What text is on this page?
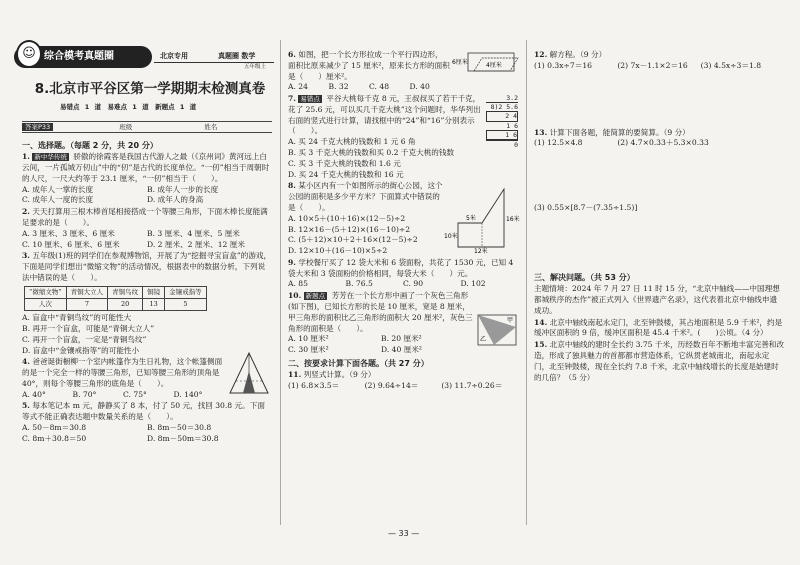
☺ 综合模考真题圈	北京专用	真题圈 数学
五年级上
8.北京市平谷区第一学期期末检测真卷
易错点 1 道　易难点 1 道　新题点 1 道
答案P33	班级	姓名
一、选择题。（每题 2 分，共 20 分）
1. 新中华传统 骄傲的徐霞客是我国古代游人之最（《京州词》黄河远上白云间，一片孤城万仞山”中的“仞”是古代的长度单位。“一仞”相当于周朝时的人尺，一尺大约等于 23.1 厘米，“一仞”相当于（　　）。
A. 成年人一掌的长度	B. 成年人一步的长度
C. 成年人一度的长度	D. 成年人的身高
2. 天天打算用三根木棒首尾相接搭成一个等腰三角形，下面木棒长度能满足要求的是（　　）。
A. 3 厘米、3 厘米、6 厘米	B. 3 厘米、4 厘米、5 厘米
C. 10 厘米、6 厘米、6 厘米	D. 2 厘米、2 厘米、12 厘米
3. 五年级(1)班的同学们在参观博物馆，开展了为“挖掘寻宝盲盒”的游戏，下面是同学们想出“微缩文物”的活动情况，根据表中的数据分析，下列说法中错误的是（　　）。
“微缩文物”	青铜大立人	青铜鸟纹	铜镜	金镶戒指等
人次	7	20	13	5
A. 盲盒中“青铜鸟纹”的可能性大
B. 再开一个盲盒，可能是“青铜大立人”
C. 再开一个盲盒，一定是“青铜鸟纹”
D. 盲盒中“金镶戒指等”的可能性小
4. 爸爸诞街橱柳一个室内帐篷作为生日礼物，这个帐篷侧面的是一个完全一样的等腰三角形，已知等腰三角形的顶角是 40°，则每个等腰三角形的底角是（　　）。
A. 40°	B. 70°	C. 75°	D. 140°
5. 每本笔记本 m 元，静静买了 8 本，付了 50 元，找回 30.8 元。下面等式不能正确表达题中数量关系的是（　　）。
A. 50－8m＝30.8	B. 8m－50＝30.8
C. 8m＋30.8＝50	D. 8m－50m＝30.8
6. 如图，把一个长方形拉成一个平行四边形，面积比原来减少了 15 厘米²，原来长方形的面积是（　　）厘米²。
6厘米	4厘米
A. 24	B. 32	C. 48	D. 40
7. 易错点 平谷大桃每千克 8 元，王叔叔买了若干千克，花了 25.6 元，可以买几千克大桃”这个问题时，华华列出右面的竖式进行计算，请找框中的“24”和“16”分别表示（　　）。
3.2
8)2 5.6
2 4
1 6
1 6
0
A. 买 24 千克大桃的钱数和 1 元 6 角
B. 买 3 千克大桃的钱数和买 0.2 千克大桃的钱数
C. 买 3 千克大桃的钱数和 1.6 元
D. 买 24 千克大桃的钱数和 16 元
8. 某小区内有一个如图所示的街心公园，这个公园的面积是多少平方米？下面算式中错误的是（　　）。
5米
10米
16米
12米
A. 10×5＋(10＋16)×(12－5)÷2
B. 12×16－(5＋12)×(16－10)÷2
C. (5＋12)×10＋2＋16×(12－5)÷2
D. 12×10＋(16－10)×5÷2
9. 学校餐厅买了 12 袋大米和 6 袋面粉，共花了 1530 元，已知 4 袋大米和 3 袋面粉的价格相同，每袋大米（　　）元。
A. 85	B. 76.5	C. 90	D. 102
10. 新题点 芳芳在一个长方形中画了一个灰色三角形(如下图)，已知长方形的长是 10 厘米，宽是 8 厘米，甲三角形的面积比乙三角形的面积大 20 厘米²，灰色三角形的面积是（　　）。
甲
乙
A. 10 厘米²	B. 20 厘米²
C. 30 厘米²	D. 40 厘米²
二、按要求计算下面各题。（共 27 分）
11. 列竖式计算。（9 分）
(1) 6.8×3.5＝	(2) 9.64÷14＝	(3) 11.7÷0.26＝
12. 解方程。（9 分）
(1) 0.3x÷7＝16	(2) 7x－1.1×2＝16	(3) 4.5x÷3＝1.8
13. 计算下面各题，能简算的要简算。（9 分）
(1) 12.5×4.8	(2) 4.7×0.33＋5.3×0.33
(3) 0.55×[8.7－(7.35÷1.5)]
三、解决问题。（共 53 分）
主题情境：2024 年 7 月 27 日 11 时 15 分，“北京中轴线——中国理想都城秩序的杰作”被正式列入《世界遗产名录》，这代表着北京中轴线申遗成功。
14. 北京中轴线南起永定门，北至钟鼓楼，其占地面积是 5.9 千米²，约是缓冲区面积的 9 倍，缓冲区面积是 45.4 千米²。(　　)公顷。（4 分）
15. 北京中轴线的建时全长约 3.75 千米，历经数百年不断地丰富完善和改造，形成了独具魅力的首都都市营造体系，它纵贯老城南北，南起永定门，北至钟鼓楼，现在全长约 7.8 千米，北京中轴线增长的长度是始建时的几倍？（5 分）
— 33 —
